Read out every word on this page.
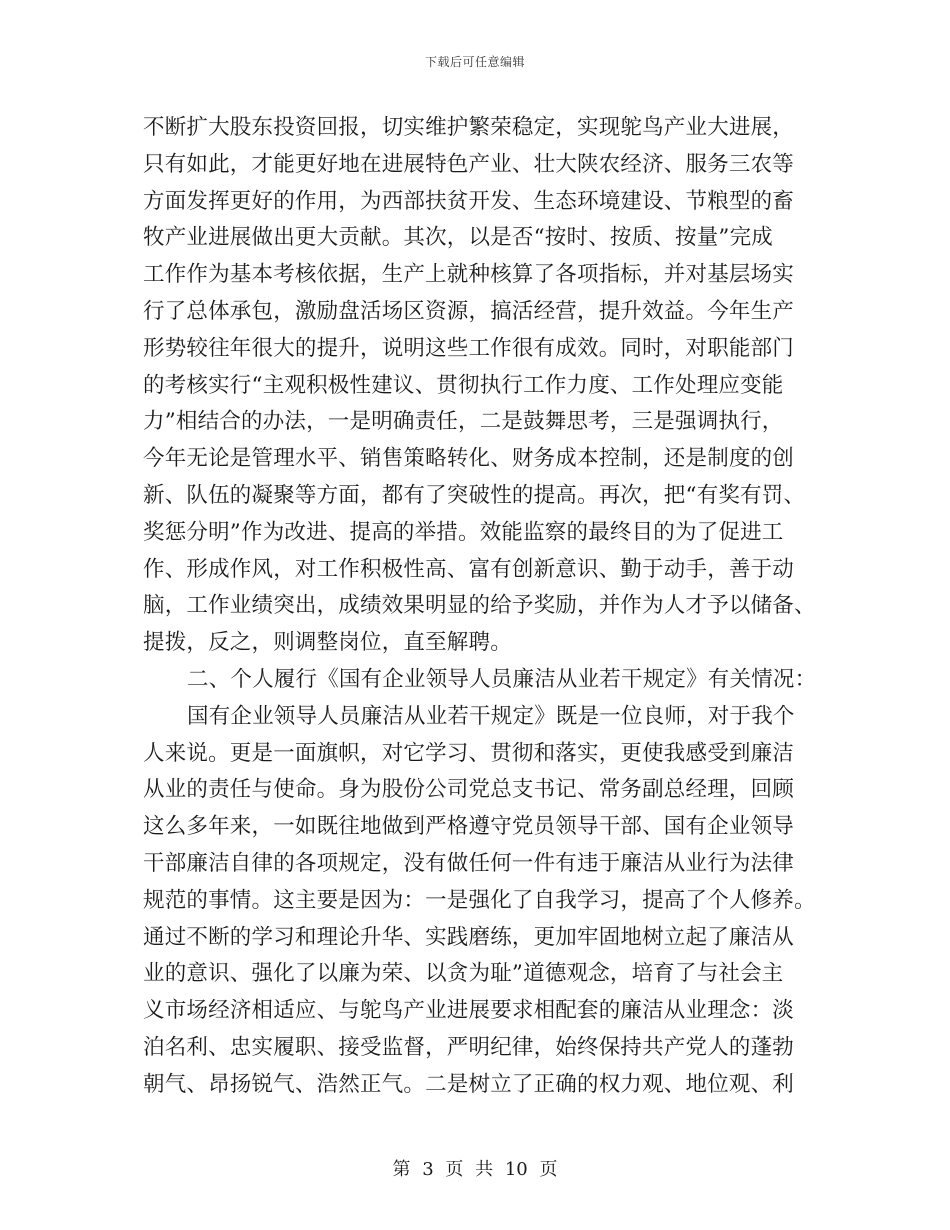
下载后可任意编辑
不断扩大股东投资回报，切实维护繁荣稳定，实现鸵鸟产业大进展，
只有如此，才能更好地在进展特色产业、壮大陕农经济、服务三农等
方面发挥更好的作用，为西部扶贫开发、生态环境建设、节粮型的畜
牧产业进展做出更大贡献。其次，以是否“按时、按质、按量”完成
工作作为基本考核依据，生产上就种核算了各项指标，并对基层场实
行了总体承包，激励盘活场区资源，搞活经营，提升效益。今年生产
形势较往年很大的提升，说明这些工作很有成效。同时，对职能部门
的考核实行“主观积极性建议、贯彻执行工作力度、工作处理应变能
力”相结合的办法，一是明确责任，二是鼓舞思考，三是强调执行，
今年无论是管理水平、销售策略转化、财务成本控制，还是制度的创
新、队伍的凝聚等方面，都有了突破性的提高。再次，把“有奖有罚、
奖惩分明”作为改进、提高的举措。效能监察的最终目的为了促进工
作、形成作风，对工作积极性高、富有创新意识、勤于动手，善于动
脑，工作业绩突出，成绩效果明显的给予奖励，并作为人才予以储备、
提拨，反之，则调整岗位，直至解聘。
二、个人履行《国有企业领导人员廉洁从业若干规定》有关情况：
国有企业领导人员廉洁从业若干规定》既是一位良师，对于我个
人来说。更是一面旗帜，对它学习、贯彻和落实，更使我感受到廉洁
从业的责任与使命。身为股份公司党总支书记、常务副总经理，回顾
这么多年来，一如既往地做到严格遵守党员领导干部、国有企业领导
干部廉洁自律的各项规定，没有做任何一件有违于廉洁从业行为法律
规范的事情。这主要是因为：一是强化了自我学习，提高了个人修养。
通过不断的学习和理论升华、实践磨练，更加牢固地树立起了廉洁从
业的意识、强化了以廉为荣、以贪为耻”道德观念，培育了与社会主
义市场经济相适应、与鸵鸟产业进展要求相配套的廉洁从业理念：淡
泊名利、忠实履职、接受监督，严明纪律，始终保持共产党人的蓬勃
朝气、昂扬锐气、浩然正气。二是树立了正确的权力观、地位观、利
第 3 页 共 10 页
